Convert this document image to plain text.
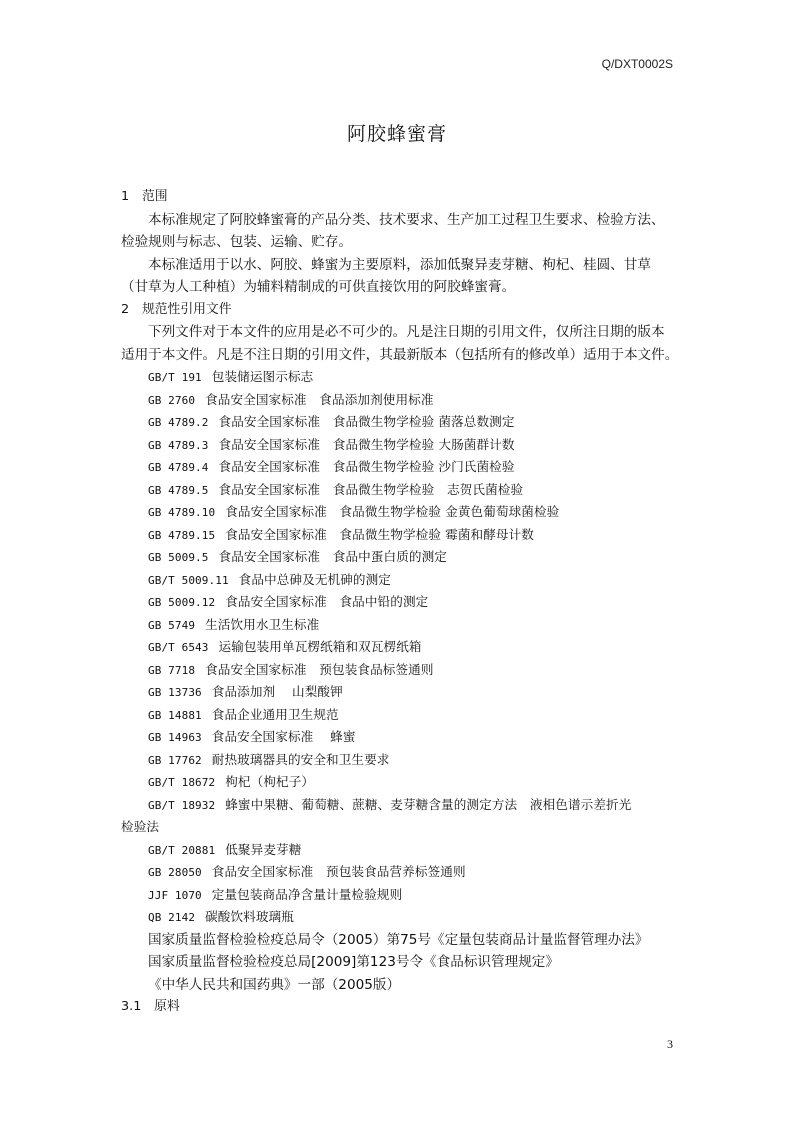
Q/DXT0002S
阿胶蜂蜜膏
1　范围
本标准规定了阿胶蜂蜜膏的产品分类、技术要求、生产加工过程卫生要求、检验方法、
检验规则与标志、包装、运输、贮存。
本标准适用于以水、阿胶、蜂蜜为主要原料，添加低聚异麦芽糖、枸杞、桂圆、甘草
（甘草为人工种植）为辅料精制成的可供直接饮用的阿胶蜂蜜膏。
2　规范性引用文件
下列文件对于本文件的应用是必不可少的。凡是注日期的引用文件，仅所注日期的版本
适用于本文件。凡是不注日期的引用文件，其最新版本（包括所有的修改单）适用于本文件。
GB/T 191 包装储运图示标志
GB 2760 食品安全国家标准　食品添加剂使用标准
GB 4789.2 食品安全国家标准　食品微生物学检验 菌落总数测定
GB 4789.3 食品安全国家标准　食品微生物学检验 大肠菌群计数
GB 4789.4 食品安全国家标准　食品微生物学检验 沙门氏菌检验
GB 4789.5 食品安全国家标准　食品微生物学检验　志贺氏菌检验
GB 4789.10 食品安全国家标准　食品微生物学检验 金黄色葡萄球菌检验
GB 4789.15 食品安全国家标准　食品微生物学检验 霉菌和酵母计数
GB 5009.5 食品安全国家标准　食品中蛋白质的测定
GB/T 5009.11 食品中总砷及无机砷的测定
GB 5009.12 食品安全国家标准　食品中铅的测定
GB 5749 生活饮用水卫生标准
GB/T 6543 运输包装用单瓦楞纸箱和双瓦楞纸箱
GB 7718 食品安全国家标准　预包装食品标签通则
GB 13736 食品添加剂　 山梨酸钾
GB 14881 食品企业通用卫生规范
GB 14963 食品安全国家标准　 蜂蜜
GB 17762 耐热玻璃器具的安全和卫生要求
GB/T 18672 枸杞（枸杞子）
GB/T 18932 蜂蜜中果糖、葡萄糖、蔗糖、麦芽糖含量的测定方法　液相色谱示差折光
检验法
GB/T 20881 低聚异麦芽糖
GB 28050 食品安全国家标准　预包装食品营养标签通则
JJF 1070 定量包装商品净含量计量检验规则
QB 2142 碳酸饮料玻璃瓶
国家质量监督检验检疫总局令（2005）第75号《定量包装商品计量监督管理办法》
国家质量监督检验检疫总局[2009]第123号令《食品标识管理规定》
《中华人民共和国药典》一部（2005版）
3.1　原料
3
